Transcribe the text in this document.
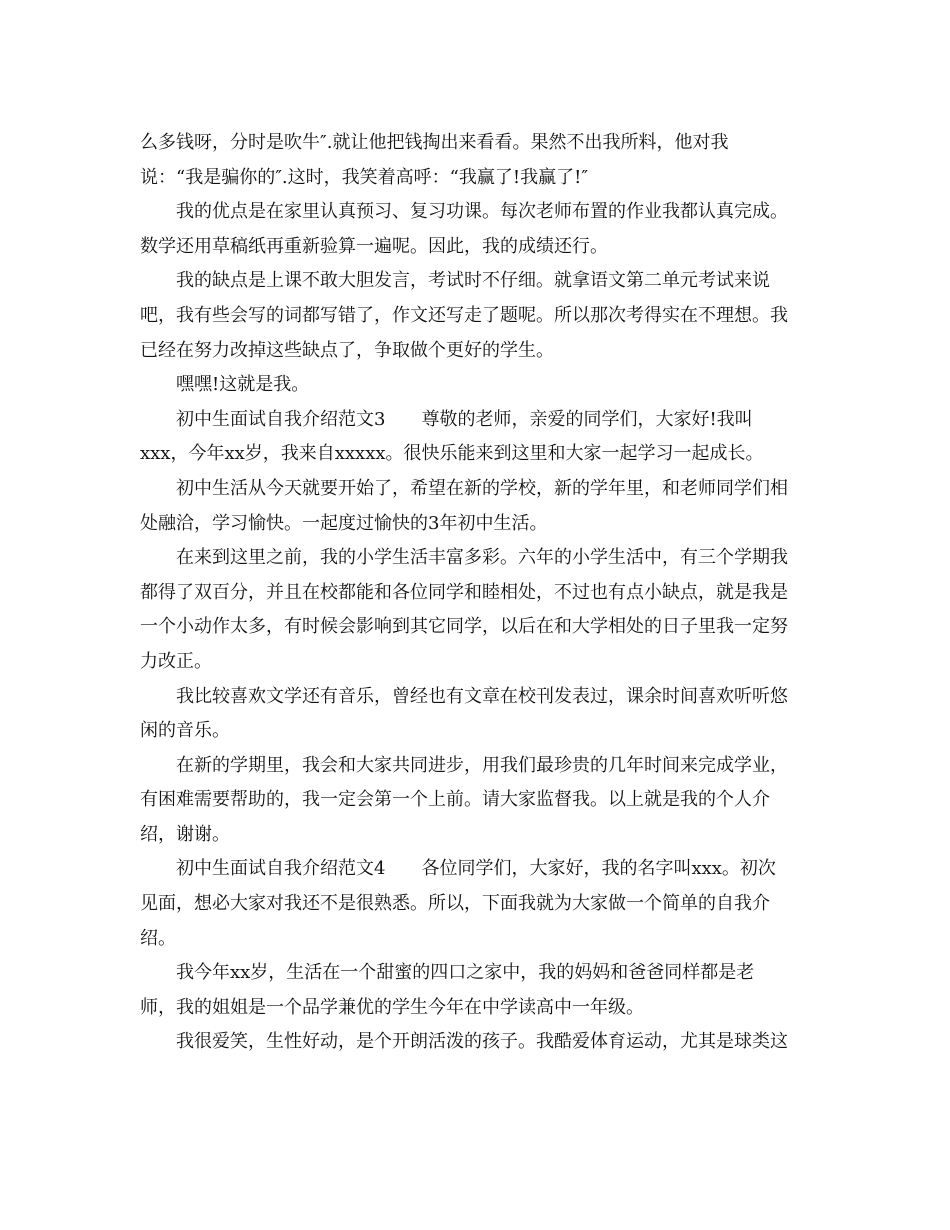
么多钱呀，分时是吹牛″.就让他把钱掏出来看看。果然不出我所料，他对我
说：“我是骗你的″.这时，我笑着高呼：“我赢了!我赢了!″
我的优点是在家里认真预习、复习功课。每次老师布置的作业我都认真完成。
数学还用草稿纸再重新验算一遍呢。因此，我的成绩还行。
我的缺点是上课不敢大胆发言，考试时不仔细。就拿语文第二单元考试来说
吧，我有些会写的词都写错了，作文还写走了题呢。所以那次考得实在不理想。我
已经在努力改掉这些缺点了，争取做个更好的学生。
嘿嘿!这就是我。
初中生面试自我介绍范文3　　尊敬的老师，亲爱的同学们，大家好!我叫
xxx，今年xx岁，我来自xxxxx。很快乐能来到这里和大家一起学习一起成长。
初中生活从今天就要开始了，希望在新的学校，新的学年里，和老师同学们相
处融洽，学习愉快。一起度过愉快的3年初中生活。
在来到这里之前，我的小学生活丰富多彩。六年的小学生活中，有三个学期我
都得了双百分，并且在校都能和各位同学和睦相处，不过也有点小缺点，就是我是
一个小动作太多，有时候会影响到其它同学，以后在和大学相处的日子里我一定努
力改正。
我比较喜欢文学还有音乐，曾经也有文章在校刊发表过，课余时间喜欢听听悠
闲的音乐。
在新的学期里，我会和大家共同进步，用我们最珍贵的几年时间来完成学业，
有困难需要帮助的，我一定会第一个上前。请大家监督我。以上就是我的个人介
绍，谢谢。
初中生面试自我介绍范文4　　各位同学们，大家好，我的名字叫xxx。初次
见面，想必大家对我还不是很熟悉。所以，下面我就为大家做一个简单的自我介
绍。
我今年xx岁，生活在一个甜蜜的四口之家中，我的妈妈和爸爸同样都是老
师，我的姐姐是一个品学兼优的学生今年在中学读高中一年级。
我很爱笑，生性好动，是个开朗活泼的孩子。我酷爱体育运动，尤其是球类这
